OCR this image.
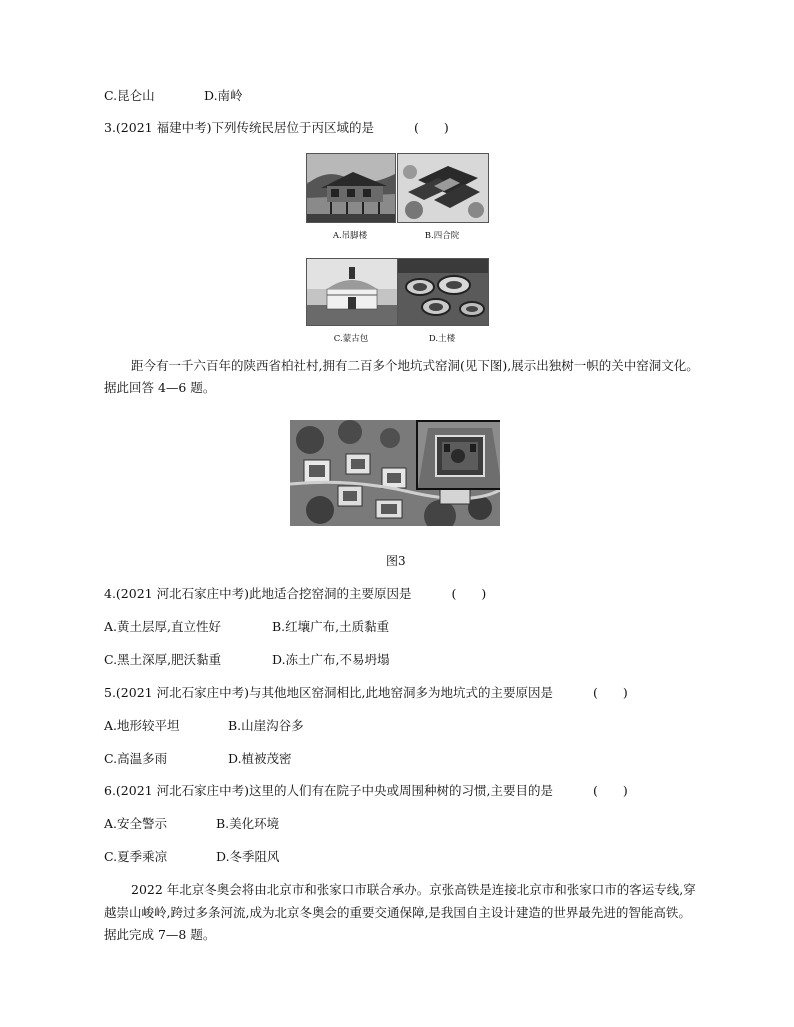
C.昆仑山	D.南岭
3.(2021 福建中考)下列传统民居位于丙区域的是	(　　)
A.吊脚楼	B.四合院
C.蒙古包	D.土楼
距今有一千六百年的陕西省柏社村,拥有二百多个地坑式窑洞(见下图),展示出独树一帜的关中窑洞文化。
据此回答 4—6 题。
图3
4.(2021 河北石家庄中考)此地适合挖窑洞的主要原因是	(　　)
A.黄土层厚,直立性好	B.红壤广布,土质黏重
C.黑土深厚,肥沃黏重	D.冻土广布,不易坍塌
5.(2021 河北石家庄中考)与其他地区窑洞相比,此地窑洞多为地坑式的主要原因是	(　　)
A.地形较平坦	B.山崖沟谷多
C.高温多雨	D.植被茂密
6.(2021 河北石家庄中考)这里的人们有在院子中央或周围种树的习惯,主要目的是	(　　)
A.安全警示	B.美化环境
C.夏季乘凉	D.冬季阻风
2022 年北京冬奥会将由北京市和张家口市联合承办。京张高铁是连接北京市和张家口市的客运专线,穿
越崇山峻岭,跨过多条河流,成为北京冬奥会的重要交通保障,是我国自主设计建造的世界最先进的智能高铁。
据此完成 7—8 题。
